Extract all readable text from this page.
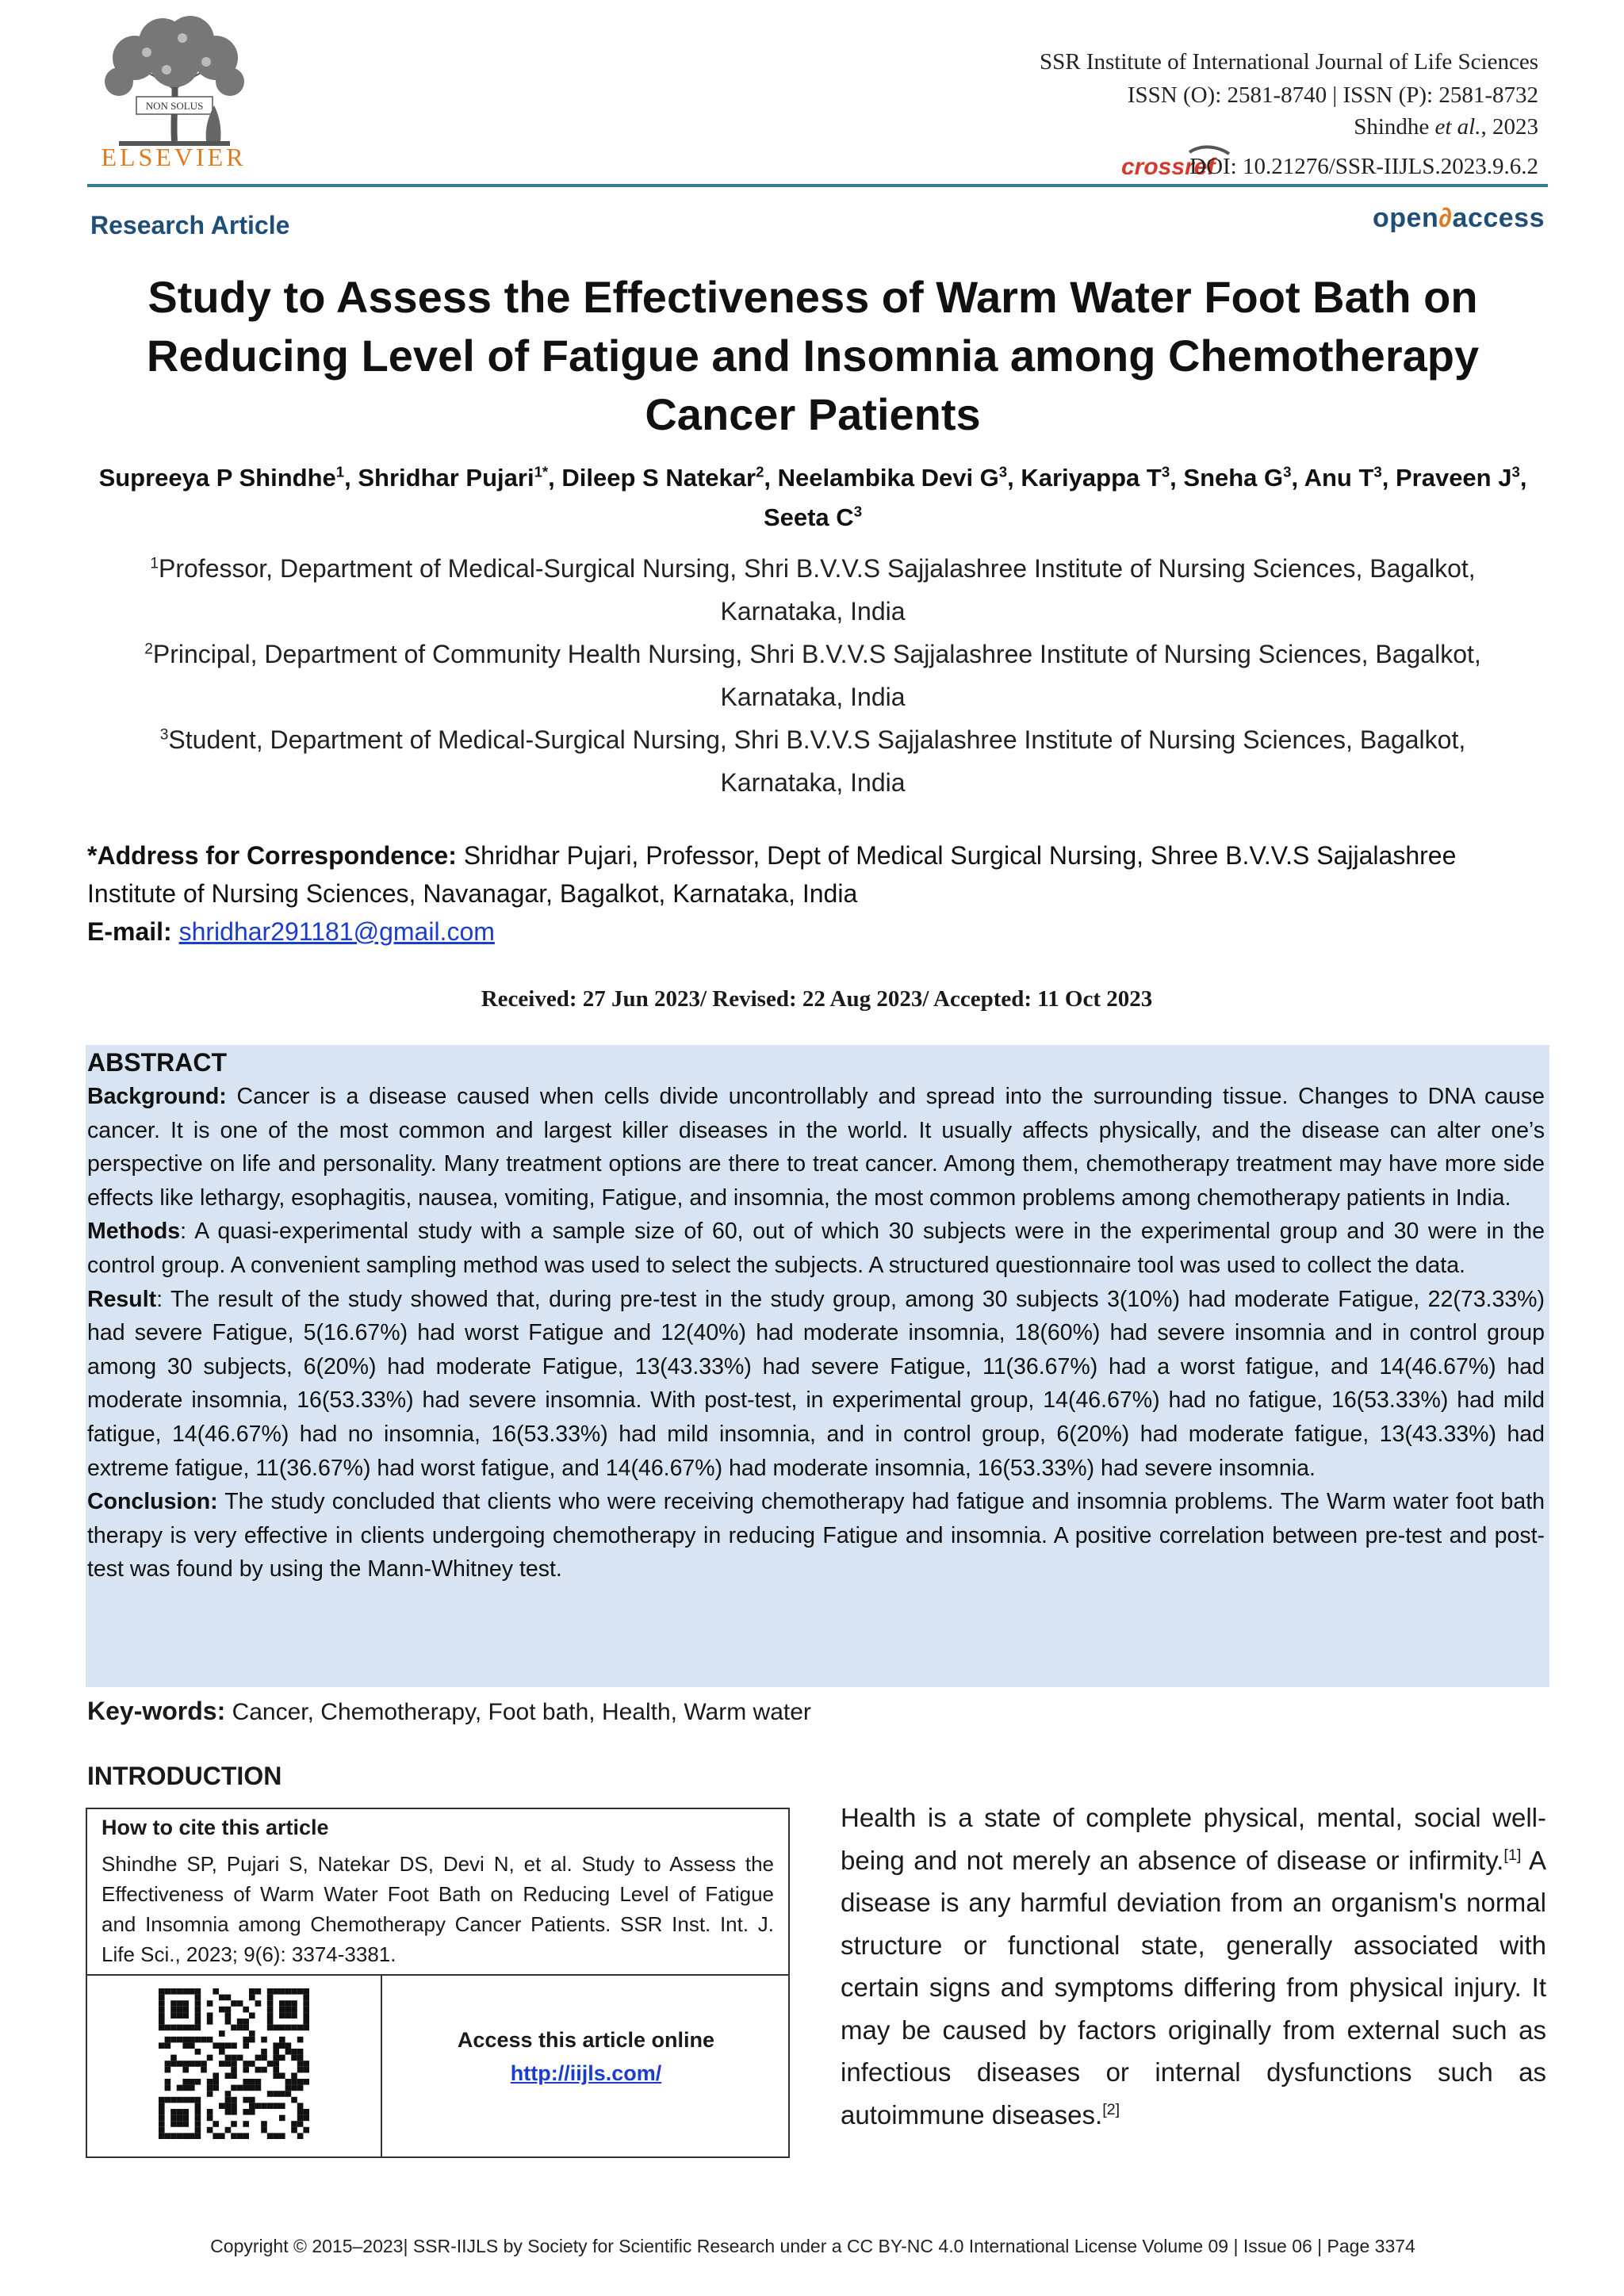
NON SOLUS
ELSEVIER
SSR Institute of International Journal of Life Sciences
ISSN (O): 2581-8740 | ISSN (P): 2581-8732
Shindhe et al., 2023
crossref
DOI: 10.21276/SSR-IIJLS.2023.9.6.2
Research Article	open∂access
Study to Assess the Effectiveness of Warm Water Foot Bath on Reducing Level of Fatigue and Insomnia among Chemotherapy Cancer Patients
Supreeya P Shindhe$^1$, Shridhar Pujari$^{1*}$, Dileep S Natekar$^2$, Neelambika Devi $G^3$, Kariyappa $T^3$, Sneha $G^3$, Anu $T^3$, Praveen $J^3$, Seeta $C^3$
$^1$Professor, Department of Medical-Surgical Nursing, Shri B.V.V.S Sajjalashree Institute of Nursing Sciences, Bagalkot, Karnataka, India
$^2$Principal, Department of Community Health Nursing, Shri B.V.V.S Sajjalashree Institute of Nursing Sciences, Bagalkot, Karnataka, India
$^3$Student, Department of Medical-Surgical Nursing, Shri B.V.V.S Sajjalashree Institute of Nursing Sciences, Bagalkot, Karnataka, India
*Address for Correspondence: Shridhar Pujari, Professor, Dept of Medical Surgical Nursing, Shree B.V.V.S Sajjalashree Institute of Nursing Sciences, Navanagar, Bagalkot, Karnataka, India
E-mail: shridhar291181@gmail.com
Received: 27 Jun 2023/ Revised: 22 Aug 2023/ Accepted: 11 Oct 2023
ABSTRACT

Background: Cancer is a disease caused when cells divide uncontrollably and spread into the surrounding tissue. Changes to DNA cause cancer. It is one of the most common and largest killer diseases in the world. It usually affects physically, and the disease can alter one’s perspective on life and personality. Many treatment options are there to treat cancer. Among them, chemotherapy treatment may have more side effects like lethargy, esophagitis, nausea, vomiting, Fatigue, and insomnia, the most common problems among chemotherapy patients in India.

Methods: A quasi-experimental study with a sample size of 60, out of which 30 subjects were in the experimental group and 30 were in the control group. A convenient sampling method was used to select the subjects. A structured questionnaire tool was used to collect the data.

Result: The result of the study showed that, during pre-test in the study group, among 30 subjects 3(10%) had moderate Fatigue, 22(73.33%) had severe Fatigue, 5(16.67%) had worst Fatigue and 12(40%) had moderate insomnia, 18(60%) had severe insomnia and in control group among 30 subjects, 6(20%) had moderate Fatigue, 13(43.33%) had severe Fatigue, 11(36.67%) had a worst fatigue, and 14(46.67%) had moderate insomnia, 16(53.33%) had severe insomnia. With post-test, in experimental group, 14(46.67%) had no fatigue, 16(53.33%) had mild fatigue, 14(46.67%) had no insomnia, 16(53.33%) had mild insomnia, and in control group, 6(20%) had moderate fatigue, 13(43.33%) had extreme fatigue, 11(36.67%) had worst fatigue, and 14(46.67%) had moderate insomnia, 16(53.33%) had severe insomnia.

Conclusion: The study concluded that clients who were receiving chemotherapy had fatigue and insomnia problems. The Warm water foot bath therapy is very effective in clients undergoing chemotherapy in reducing Fatigue and insomnia. A positive correlation between pre-test and post-test was found by using the Mann-Whitney test.

Key-words: Cancer, Chemotherapy, Foot bath, Health, Warm water
INTRODUCTION
How to cite this article
Shindhe SP, Pujari S, Natekar DS, Devi N, et al. Study to Assess the Effectiveness of Warm Water Foot Bath on Reducing Level of Fatigue and Insomnia among Chemotherapy Cancer Patients. SSR Inst. Int. J. Life Sci., 2023; 9(6): 3374-3381.
Access this article online
http://iijls.com/
Health is a state of complete physical, mental, social well-being and not merely an absence of disease or infirmity.[1] A disease is any harmful deviation from an organism's normal structure or functional state, generally associated with certain signs and symptoms differing from physical injury. It may be caused by factors originally from external such as infectious diseases or internal dysfunctions such as autoimmune diseases.[2]
Copyright © 2015–2023| SSR-IIJLS by Society for Scientific Research under a CC BY-NC 4.0 International License Volume 09 | Issue 06 | Page 3374
